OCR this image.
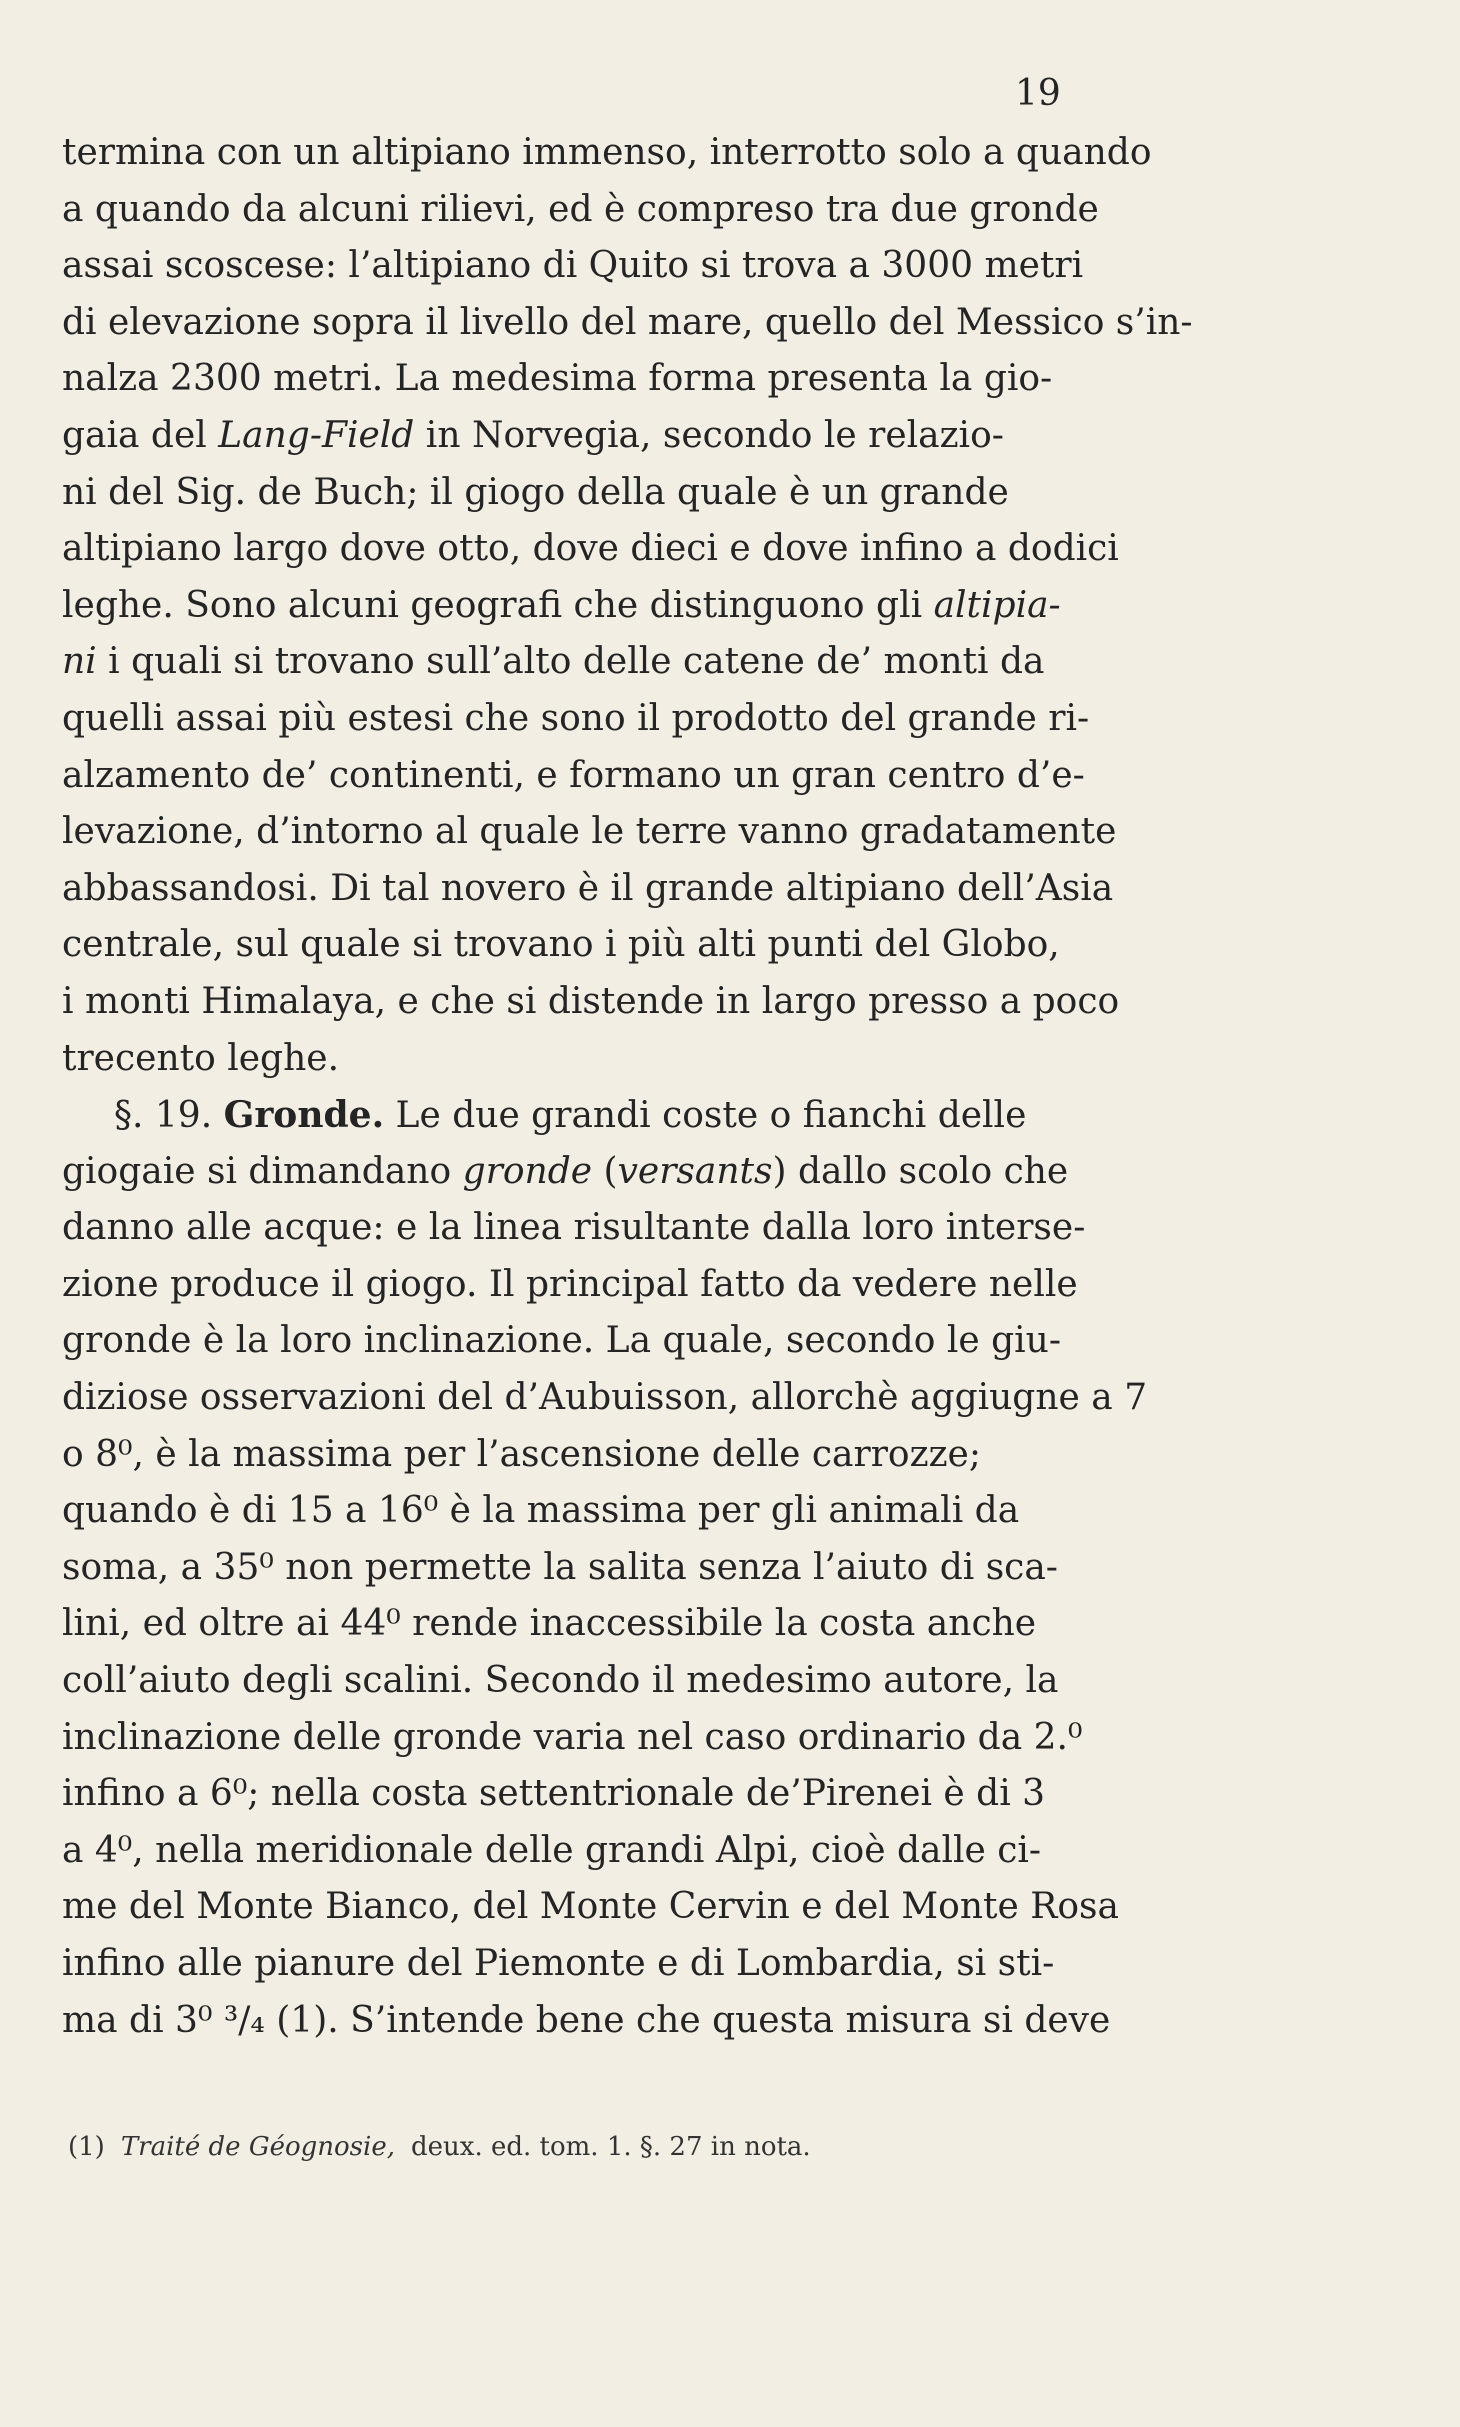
19
termina con un altipiano immenso, interrotto solo a quando
a quando da alcuni rilievi, ed è compreso tra due gronde
assai scoscese: l’altipiano di Quito si trova a 3000 metri
di elevazione sopra il livello del mare, quello del Messico s’in-
nalza 2300 metri. La medesima forma presenta la gio-
gaia del Lang-Field in Norvegia, secondo le relazio-
ni del Sig. de Buch; il giogo della quale è un grande
altipiano largo dove otto, dove dieci e dove infino a dodici
leghe. Sono alcuni geografi che distinguono gli altipia-
ni i quali si trovano sull’alto delle catene de’ monti da
quelli assai più estesi che sono il prodotto del grande ri-
alzamento de’ continenti, e formano un gran centro d’e-
levazione, d’intorno al quale le terre vanno gradatamente
abbassandosi. Di tal novero è il grande altipiano dell’Asia
centrale, sul quale si trovano i più alti punti del Globo,
i monti Himalaya, e che si distende in largo presso a poco
trecento leghe.
§. 19. Gronde. Le due grandi coste o fianchi delle
giogaie si dimandano gronde (versants) dallo scolo che
danno alle acque: e la linea risultante dalla loro interse-
zione produce il giogo. Il principal fatto da vedere nelle
gronde è la loro inclinazione. La quale, secondo le giu-
diziose osservazioni del d’Aubuisson, allorchè aggiugne a 7
o 8⁰, è la massima per l’ascensione delle carrozze;
quando è di 15 a 16⁰ è la massima per gli animali da
soma, a 35⁰ non permette la salita senza l’aiuto di sca-
lini, ed oltre ai 44⁰ rende inaccessibile la costa anche
coll’aiuto degli scalini. Secondo il medesimo autore, la
inclinazione delle gronde varia nel caso ordinario da 2.⁰
infino a 6⁰; nella costa settentrionale de’Pirenei è di 3
a 4⁰, nella meridionale delle grandi Alpi, cioè dalle ci-
me del Monte Bianco, del Monte Cervin e del Monte Rosa
infino alle pianure del Piemonte e di Lombardia, si sti-
ma di 3⁰ ³/₄ (1). S’intende bene che questa misura si deve
(1) Traité de Géognosie, deux. ed. tom. 1. §. 27 in nota.
